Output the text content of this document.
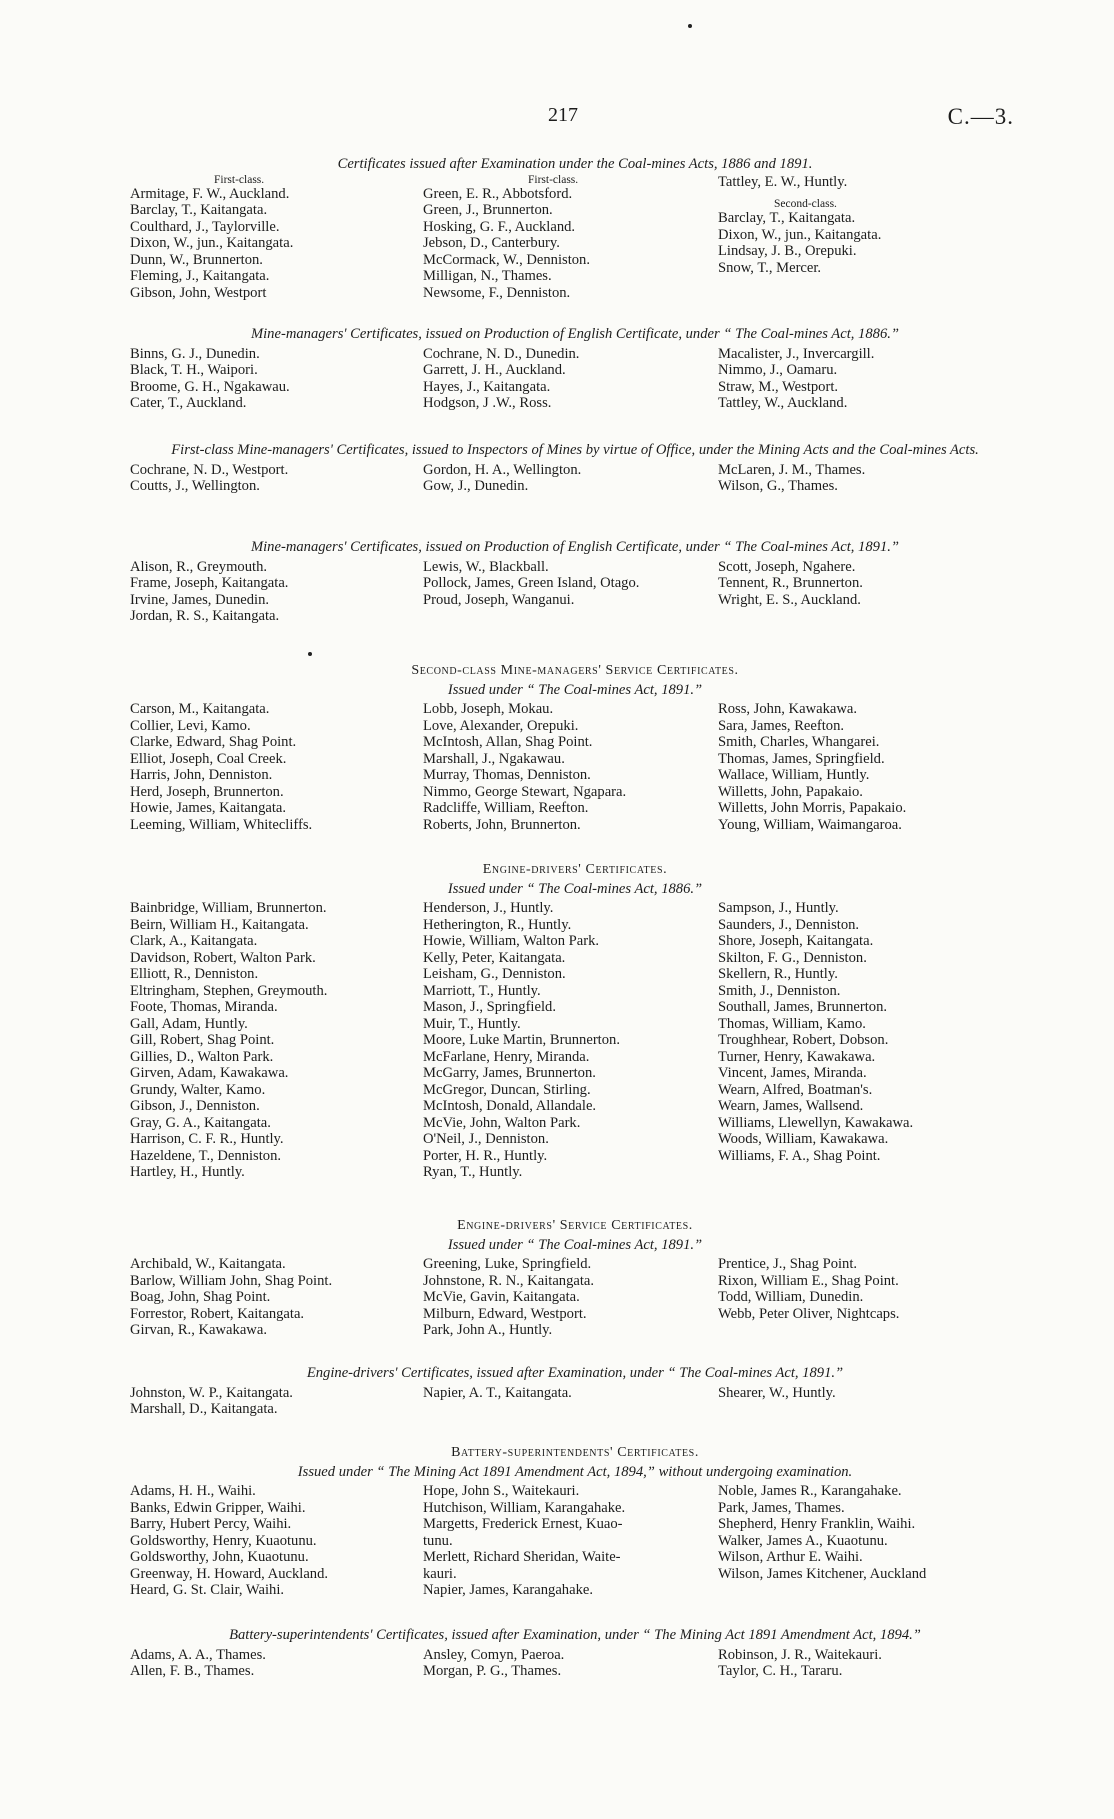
217	C.—3.
Certificates issued after Examination under the Coal-mines Acts, 1886 and 1891.
First-class.
Armitage, F. W., Auckland.
Barclay, T., Kaitangata.
Coulthard, J., Taylorville.
Dixon, W., jun., Kaitangata.
Dunn, W., Brunnerton.
Fleming, J., Kaitangata.
Gibson, John, Westport
First-class.
Green, E. R., Abbotsford.
Green, J., Brunnerton.
Hosking, G. F., Auckland.
Jebson, D., Canterbury.
McCormack, W., Denniston.
Milligan, N., Thames.
Newsome, F., Denniston.
Tattley, E. W., Huntly.
Second-class.
Barclay, T., Kaitangata.
Dixon, W., jun., Kaitangata.
Lindsay, J. B., Orepuki.
Snow, T., Mercer.
Mine-managers' Certificates, issued on Production of English Certificate, under “ The Coal-mines Act, 1886.”
Binns, G. J., Dunedin.
Black, T. H., Waipori.
Broome, G. H., Ngakawau.
Cater, T., Auckland.
Cochrane, N. D., Dunedin.
Garrett, J. H., Auckland.
Hayes, J., Kaitangata.
Hodgson, J .W., Ross.
Macalister, J., Invercargill.
Nimmo, J., Oamaru.
Straw, M., Westport.
Tattley, W., Auckland.
First-class Mine-managers' Certificates, issued to Inspectors of Mines by virtue of Office, under the Mining Acts and the Coal-mines Acts.
Cochrane, N. D., Westport.
Coutts, J., Wellington.
Gordon, H. A., Wellington.
Gow, J., Dunedin.
McLaren, J. M., Thames.
Wilson, G., Thames.
Mine-managers' Certificates, issued on Production of English Certificate, under “ The Coal-mines Act, 1891.”
Alison, R., Greymouth.
Frame, Joseph, Kaitangata.
Irvine, James, Dunedin.
Jordan, R. S., Kaitangata.
Lewis, W., Blackball.
Pollock, James, Green Island, Otago.
Proud, Joseph, Wanganui.
Scott, Joseph, Ngahere.
Tennent, R., Brunnerton.
Wright, E. S., Auckland.
Second-class Mine-managers' Service Certificates.
Issued under “ The Coal-mines Act, 1891.”
Carson, M., Kaitangata.
Collier, Levi, Kamo.
Clarke, Edward, Shag Point.
Elliot, Joseph, Coal Creek.
Harris, John, Denniston.
Herd, Joseph, Brunnerton.
Howie, James, Kaitangata.
Leeming, William, Whitecliffs.
Lobb, Joseph, Mokau.
Love, Alexander, Orepuki.
McIntosh, Allan, Shag Point.
Marshall, J., Ngakawau.
Murray, Thomas, Denniston.
Nimmo, George Stewart, Ngapara.
Radcliffe, William, Reefton.
Roberts, John, Brunnerton.
Ross, John, Kawakawa.
Sara, James, Reefton.
Smith, Charles, Whangarei.
Thomas, James, Springfield.
Wallace, William, Huntly.
Willetts, John, Papakaio.
Willetts, John Morris, Papakaio.
Young, William, Waimangaroa.
Engine-drivers' Certificates.
Issued under “ The Coal-mines Act, 1886.”
Bainbridge, William, Brunnerton.
Beirn, William H., Kaitangata.
Clark, A., Kaitangata.
Davidson, Robert, Walton Park.
Elliott, R., Denniston.
Eltringham, Stephen, Greymouth.
Foote, Thomas, Miranda.
Gall, Adam, Huntly.
Gill, Robert, Shag Point.
Gillies, D., Walton Park.
Girven, Adam, Kawakawa.
Grundy, Walter, Kamo.
Gibson, J., Denniston.
Gray, G. A., Kaitangata.
Harrison, C. F. R., Huntly.
Hazeldene, T., Denniston.
Hartley, H., Huntly.
Henderson, J., Huntly.
Hetherington, R., Huntly.
Howie, William, Walton Park.
Kelly, Peter, Kaitangata.
Leisham, G., Denniston.
Marriott, T., Huntly.
Mason, J., Springfield.
Muir, T., Huntly.
Moore, Luke Martin, Brunnerton.
McFarlane, Henry, Miranda.
McGarry, James, Brunnerton.
McGregor, Duncan, Stirling.
McIntosh, Donald, Allandale.
McVie, John, Walton Park.
O'Neil, J., Denniston.
Porter, H. R., Huntly.
Ryan, T., Huntly.
Sampson, J., Huntly.
Saunders, J., Denniston.
Shore, Joseph, Kaitangata.
Skilton, F. G., Denniston.
Skellern, R., Huntly.
Smith, J., Denniston.
Southall, James, Brunnerton.
Thomas, William, Kamo.
Troughhear, Robert, Dobson.
Turner, Henry, Kawakawa.
Vincent, James, Miranda.
Wearn, Alfred, Boatman's.
Wearn, James, Wallsend.
Williams, Llewellyn, Kawakawa.
Woods, William, Kawakawa.
Williams, F. A., Shag Point.
Engine-drivers' Service Certificates.
Issued under “ The Coal-mines Act, 1891.”
Archibald, W., Kaitangata.
Barlow, William John, Shag Point.
Boag, John, Shag Point.
Forrestor, Robert, Kaitangata.
Girvan, R., Kawakawa.
Greening, Luke, Springfield.
Johnstone, R. N., Kaitangata.
McVie, Gavin, Kaitangata.
Milburn, Edward, Westport.
Park, John A., Huntly.
Prentice, J., Shag Point.
Rixon, William E., Shag Point.
Todd, William, Dunedin.
Webb, Peter Oliver, Nightcaps.
Engine-drivers' Certificates, issued after Examination, under “ The Coal-mines Act, 1891.”
Johnston, W. P., Kaitangata.
Marshall, D., Kaitangata.
Napier, A. T., Kaitangata.	Shearer, W., Huntly.
Battery-superintendents' Certificates.
Issued under “ The Mining Act 1891 Amendment Act, 1894,” without undergoing examination.
Adams, H. H., Waihi.
Banks, Edwin Gripper, Waihi.
Barry, Hubert Percy, Waihi.
Goldsworthy, Henry, Kuaotunu.
Goldsworthy, John, Kuaotunu.
Greenway, H. Howard, Auckland.
Heard, G. St. Clair, Waihi.
Hope, John S., Waitekauri.
Hutchison, William, Karangahake.
Margetts, Frederick Ernest, Kuao-
tunu.
Merlett, Richard Sheridan, Waite-
kauri.
Napier, James, Karangahake.
Noble, James R., Karangahake.
Park, James, Thames.
Shepherd, Henry Franklin, Waihi.
Walker, James A., Kuaotunu.
Wilson, Arthur E. Waihi.
Wilson, James Kitchener, Auckland
Battery-superintendents' Certificates, issued after Examination, under “ The Mining Act 1891 Amendment Act, 1894.”
Adams, A. A., Thames.
Allen, F. B., Thames.
Ansley, Comyn, Paeroa.
Morgan, P. G., Thames.
Robinson, J. R., Waitekauri.
Taylor, C. H., Tararu.
